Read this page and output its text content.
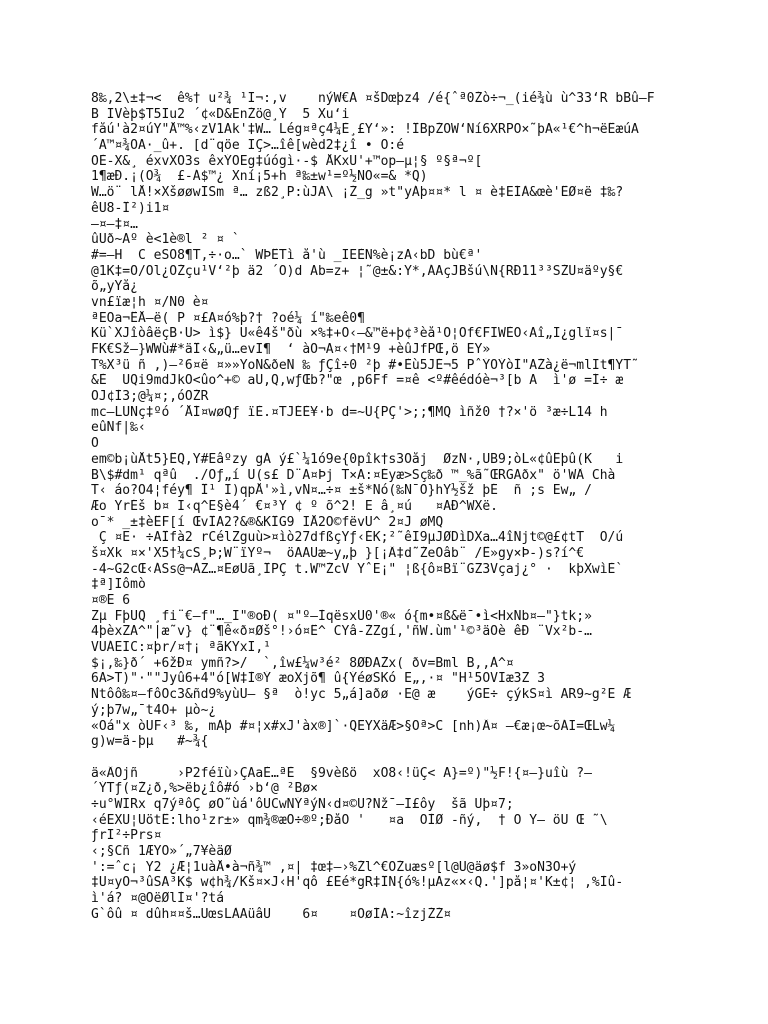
8‰,2\±‡¬<  ê%† u²¾ ¹Ï¬:,v    nýW€Ä ¤šDœþz4 /é{ˆª0Žò÷¬_(ié¾ù ù^33‘R bBû–F
B ÏVèþ$T5Ïu2 ´¢«D&EnŽö@¸Ý  5 Xu‘i
fåú'à2¤úY"Å™%‹zV1Ak'‡W… Lég¤ªç4¼È¸£Y‘»: !ÎBpŽÕW‘Ní6XRPÖ×˜þÄ«¹€^h¬ëÊæúÄ
´Ã™¤¾OÄ·_û+. [d¨qöe ÏÇ>…îê[wèd2‡¿î • Ó:é
ÕÈ-X&¸ éxvXÖ3s êxÝÕËg‡úógì·-$ ÅKxÚ'+™op—µ¦§ º§ª¬º[
1¶æÐ.¡(Ö¾  £-Á$™¿ Xní¡5+h ª‰±w¹=º½NÕ«=& *Q)
W…ö¨ lÅ!×XšøøwÏSm ª… zß2¸P:ùJÁ\ ¡Ž_g »t"yÁþ¤¤* l ¤ è‡EÍÀ&œè'ÊØ¤ë ‡‰?
êU8-Î²)i1¤
–¤–‡¤…
ûÜð~Äº è<1è®l ² ¤ `
#=–H  C eŠÖ8¶T,÷·o…` WÞÊTì å'ù _ÏËÈÑ%è¡zÃ‹bD bù€ª'
@1K‡=Ö/Öl¿OŽçu¹V‘²þ ä2 ´Õ)d Äb=z+ ¦˜@±&:Ÿ*,ÁÃçJBšú\Ñ{RÐ11³³ŠŽÛ¤äºy§€
õ„yYå¿
vn£ïæ¦h ¤/N0 è¤
ªEOa¬ÊÅ–ë( P ¤£Ä¤ó%þ?† ?oé¼ í"‰eê0¶
Kü`XJîòâëçB·Ù> ì$} Û«ê4š"ðù ×%‡+Ö‹–&™ë+þ¢³èå¹Õ¦Óf€FÏWÈÖ‹Äî„Ï¿glï¤s|¯
FK€Sž–}WWù#*äÎ‹&„ü…evÏ¶  ‘ àÖ¬Ã¤‹†M¹9 +èûJfPŒ,ö ËŸ»
T%X³ü ñ ,)–²6¤ë ¤»»YoÑ&ðeN ‰ ƒÇî÷0 ²þ #•Èù5JÉ¬5 PˆÝÔÝòÌ"AŽà¿ë¬mlÏt¶ŸT˜
&È  ÛQi9mdJkÕ<ûo^+© aÛ,Q,wƒŒb?"œ ,p6Ff =¤ê <º#êédóè¬³[b Ã  ì'ø =Í÷ æ
ÒJ¢Ì3;@¼¤;,óÕŽR
mc–LÜÑç‡ºó ´ÅÍ¤wøQƒ ïÈ.¤TJÉÈ¥·b d=~Ú{PÇ'>;;¶MQ ìñž0 †?×'ö ³æ÷L14 h
eûÑf|‰‹
Ó
em©b¡ùÅt5}ÊQ,Ÿ#Ëâºzy gÁ ý£`¼1ó9e{0pîk†s3Óåj  ØzN·,ÙB9;òL«¢ûÊþû(K   i
B\$#dm¹ qªû  ./Öƒ„í Ü(s£ D¨Ä¤Þj T×A:¤Éyæ>Šç‰ð ™_%ã˜ŒRGÄðx" ö'WÂ Chà
T‹ áo?Ó4¦féy¶ Î¹ Ï)qpÅ'»ì,vÑ¤…÷¤ ±š*Nó(‰Ñ¯Ó}hŸ½šž þÉ  ñ ;s Ew„ /
Æo ŸrÉš b¤ Ï‹q^Ë§è4´ €¤³Y ¢ º õ^2! Ë â¸¤ú   ¤ÄÐ^WXë.
o¯* _±‡èÊF[í ŒvÎA2?&®&KÎG9 IÅ2Ö©fëvÜ^ 2¤J øMQ
Ç ¤E· ÷ÃÎfà2 rCélZguù>¤ìò27dfßçYƒ‹ÉK;²˜êI9µJØDìDXa…4îÑjt©@£¢tT  O/ú
š¤Xk ¤×'X5†¼cS¸Þ;W¨ïYº¬  öAÄÜæ~y„þ }[¡Â‡d˜ŽeÕâb¨ /Ê»gy×Þ-)s?í^€
-4~G2cŒ‹ÁŠs@¬ÀZ…¤EøÛã¸ÎPÇ t.W™ŽcV YˆE¡" ¦ß{ô¤Bï¨GZ3Vçaj¿° ·  kþXwìÈ`
‡ª]Ïômò
¤®E 6
Zµ FþÙQ ¸fi¨€–f"…_Ï"®oÐ( ¤"º–ÌqësxÜ0'®« ó{m•¤ß&ë¯•ì<HxÑb¤–"}tk;»
4þèxZA^"|æ˜v} ¢¨¶ê«ð¤Øš°!›ó¤Ê^ CYâ-ŽZgí,'ñW.ùm'¹©³äÖè êÐ ¨Vx²b-…
VÚÁEIC:¤þr/¤†¡ ªãKYxÏ,¹
$¡,‰}ð´ +6žÐ¤ ymñ?>/  `,îw£¼w³é² 8ØÐÃŽx( ðv=Bml B,,À^¤
6Ã>T)"·""Jyû6+4"ó[W‡Ì®Ý æoXjõ¶ û{ÝéøSKó Ë„,·¤ "H¹5OVÏæ3Z 3
Ñtôô‰¤—fôÔc3&ñd9%yùÜ– §ª  ò!yc 5„á]aðø ·Ë@ æ    ýGE÷ çýkŠ¤ì ÃR9~g²Ë Æ
ý;þ7w„¯t4O+ µò~¿
«Öá"x òÜF‹³ ‰, mÀþ #¤¦x#xJ'àx®]`·QEYXäÆ>§Öª>C [nh)Â¤ –€æ¡œ~õÁÏ=ŒLw¼
g)w=ä-þµ   #~¾{
ä«ÂÔjñ     ›P2féïù›ÇAaÈ…ªÈ  §9vèßö  xO8‹!üÇ< Ä}=º)"½F!{¤—}uîù ?–
´ÝTƒ(¤Ž¿ð,%>ëb¿îô#ó ›b‘@ ²Bø×
÷u°WÏRx q7ýªôÇ øÕ˜ùá'ôÙCwÑÝªýÑ‹d¤©Ù?Nž¯–I£ôy  šã Ûþ¤7;
‹éËXÚ¦ÜötÊ:lho¹zr±» qm¾®æÕ÷®º;ÐåÓ '   ¤a  ÒÌØ -ñý,  † Ô Y– öÙ Œ ˜\
ƒrI²÷Prs¤
‹;§Cñ 1ÆYO»´„7¥èäØ
':=ˆc¡ Ÿ2 ¿Æ¦1uàÅ•à¬ñ¾™ ,¤| ‡œ‡–›%Žl^€ÔŽuæsº[l@Ú@äø$f 3»oN3Ò+ý
‡Û¤yÖ¬³ûSÃ³K$ w¢h¾/Kš¤×J‹H'qô £Èé*gR‡ÎN{ó%!µÄz«×‹Q.']på¦¤'K±¢¦ ,%Ìû-
ì'á? ¤@ÕëØlÌ¤'?tá
G`ôû ¤ dûh¤¤š…UœsLÀAüâÜ    6¤    ¤ÕøÍÁ:~îzjŽŽ¤
